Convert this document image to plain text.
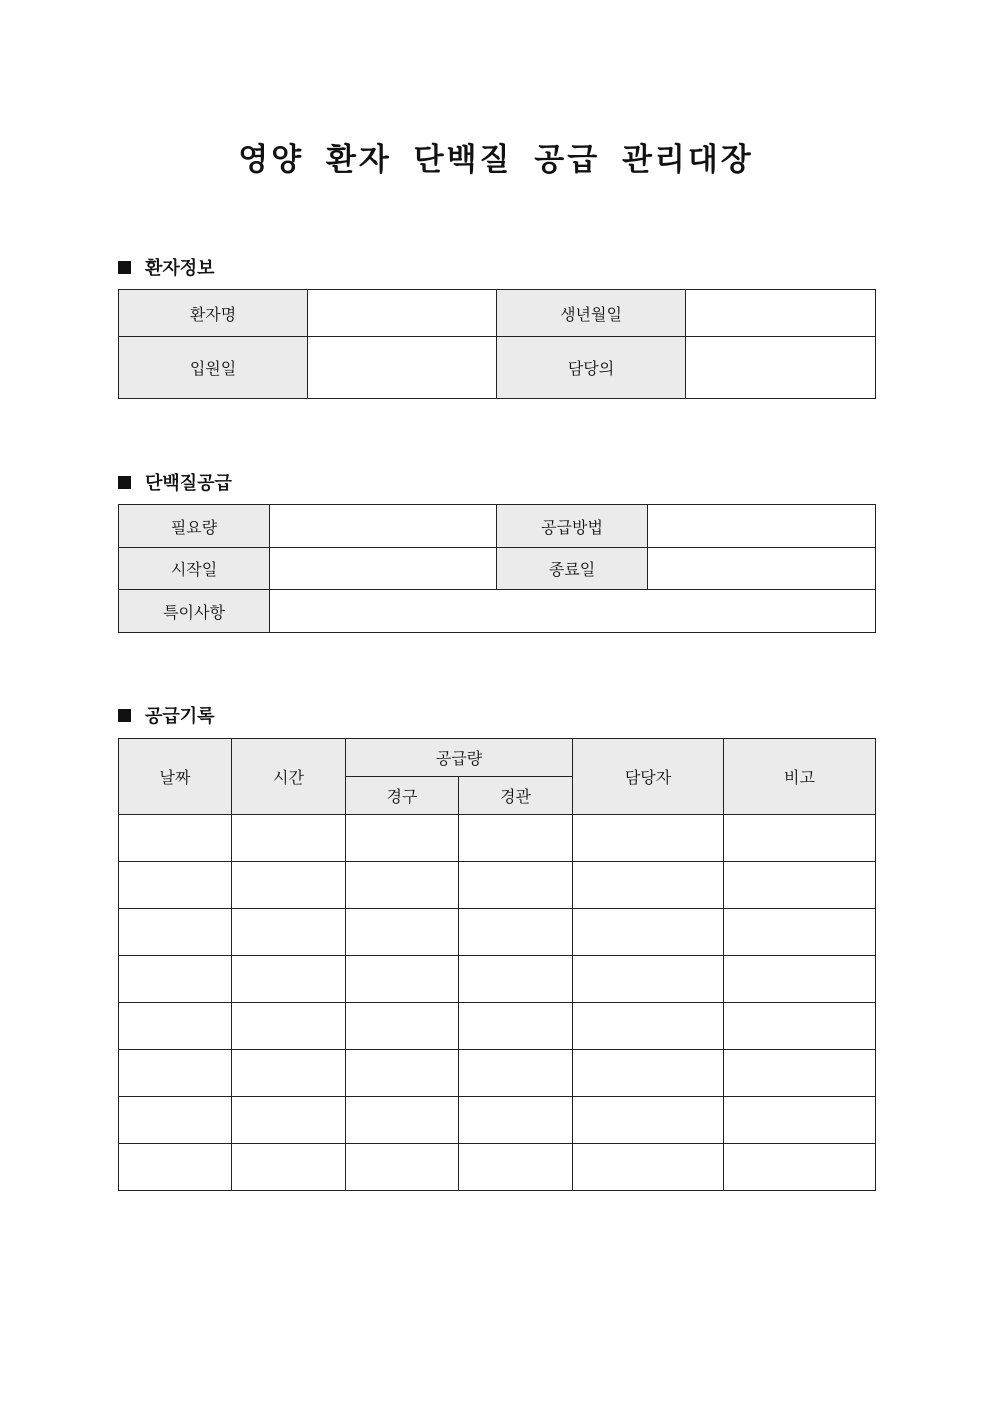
영양 환자 단백질 공급 관리대장
환자정보
환자명		생년월일	
입원일		담당의	
단백질공급
필요량		공급방법	
시작일		종료일	
특이사항			
공급기록
날짜	시간	공급량		담당자	비고
		경구	경관		
